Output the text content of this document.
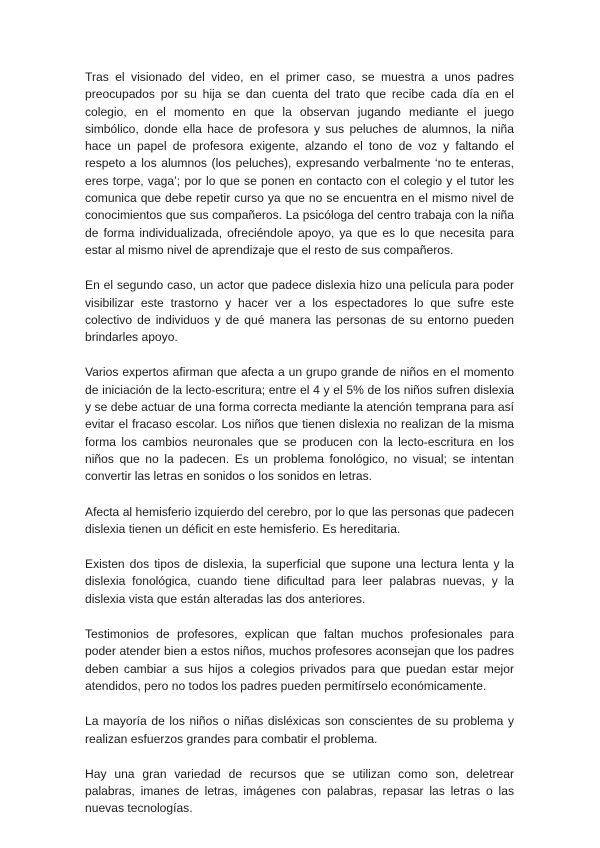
Tras el visionado del video, en el primer caso, se muestra a unos padres preocupados por su hija se dan cuenta del trato que recibe cada día en el colegio, en el momento en que la observan jugando mediante el juego simbólico, donde ella hace de profesora y sus peluches de alumnos, la niña hace un papel de profesora exigente, alzando el tono de voz y faltando el respeto a los alumnos (los peluches), expresando verbalmente ‘no te enteras, eres torpe, vaga’; por lo que se ponen en contacto con el colegio y el tutor les comunica que debe repetir curso ya que no se encuentra en el mismo nivel de conocimientos que sus compañeros. La psicóloga del centro trabaja con la niña de forma individualizada, ofreciéndole apoyo, ya que es lo que necesita para estar al mismo nivel de aprendizaje que el resto de sus compañeros.

En el segundo caso, un actor que padece dislexia hizo una película para poder visibilizar este trastorno y hacer ver a los espectadores lo que sufre este colectivo de individuos y de qué manera las personas de su entorno pueden brindarles apoyo.

Varios expertos afirman que afecta a un grupo grande de niños en el momento de iniciación de la lecto-escritura; entre el 4 y el 5% de los niños sufren dislexia y se debe actuar de una forma correcta mediante la atención temprana para así evitar el fracaso escolar. Los niños que tienen dislexia no realizan de la misma forma los cambios neuronales que se producen con la lecto-escritura en los niños que no la padecen. Es un problema fonológico, no visual; se intentan convertir las letras en sonidos o los sonidos en letras.

Afecta al hemisferio izquierdo del cerebro, por lo que las personas que padecen dislexia tienen un déficit en este hemisferio. Es hereditaria.

Existen dos tipos de dislexia, la superficial que supone una lectura lenta y la dislexia fonológica, cuando tiene dificultad para leer palabras nuevas, y la dislexia vista que están alteradas las dos anteriores.

Testimonios de profesores, explican que faltan muchos profesionales para poder atender bien a estos niños, muchos profesores aconsejan que los padres deben cambiar a sus hijos a colegios privados para que puedan estar mejor atendidos, pero no todos los padres pueden permitírselo económicamente.

La mayoría de los niños o niñas disléxicas son conscientes de su problema y realizan esfuerzos grandes para combatir el problema.

Hay una gran variedad de recursos que se utilizan como son, deletrear palabras, imanes de letras, imágenes con palabras, repasar las letras o las nuevas tecnologías.
